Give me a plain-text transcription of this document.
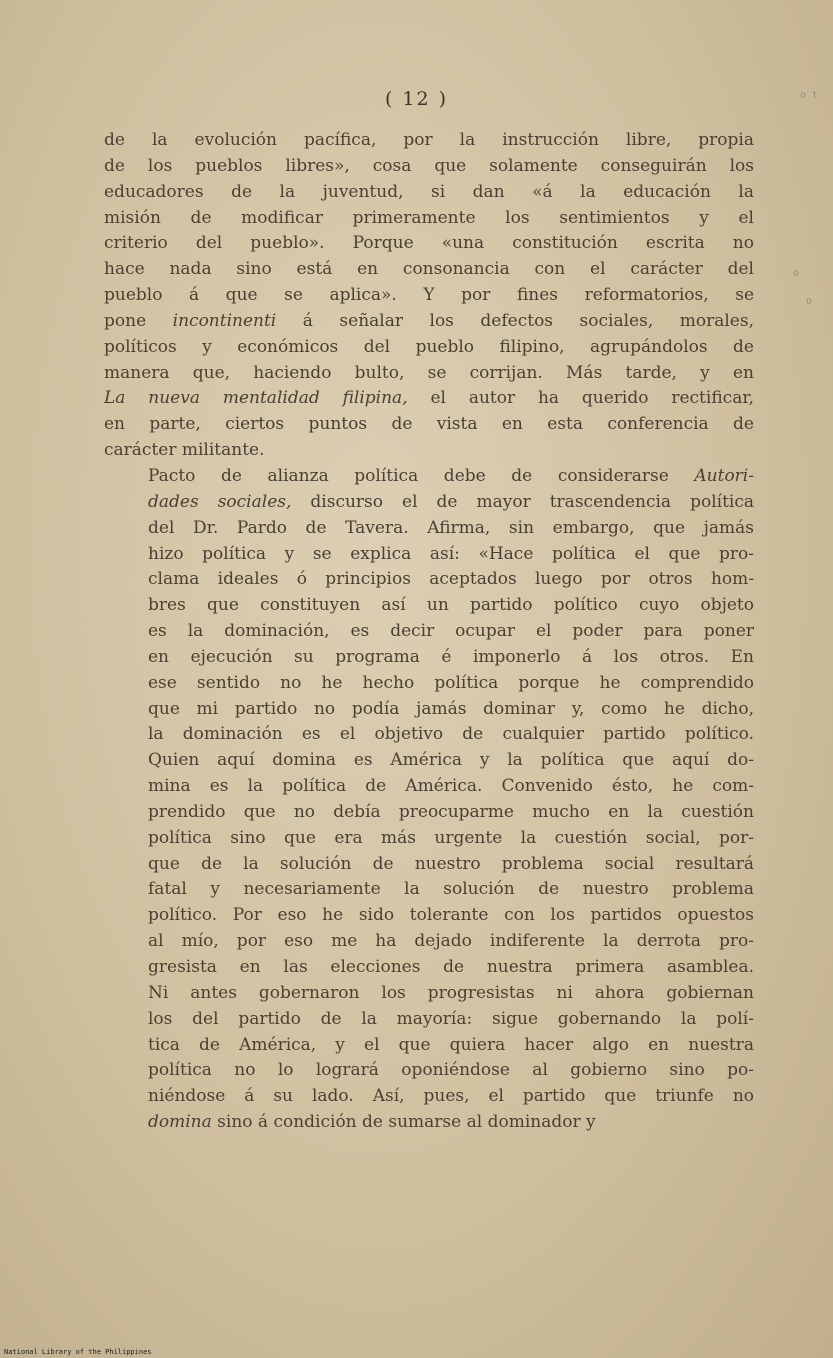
( 12 )	o t
o
o

de la evolución pacífica, por la instrucción libre, propia
de los pueblos libres», cosa que solamente conseguirán los
educadores de la juventud, si dan «á la educación la
misión de modificar primeramente los sentimientos y el
criterio del pueblo». Porque «una constitución escrita no
hace nada sino está en consonancia con el carácter del
pueblo á que se aplica». Y por fines reformatorios, se
pone incontinenti á señalar los defectos sociales, morales,
políticos y económicos del pueblo filipino, agrupándolos de
manera que, haciendo bulto, se corrijan. Más tarde, y en
La nueva mentalidad filipina, el autor ha querido rectificar,
en parte, ciertos puntos de vista en esta conferencia de
carácter militante.

Pacto de alianza política debe de considerarse Autori-
dades sociales, discurso el de mayor trascendencia política
del Dr. Pardo de Tavera. Afirma, sin embargo, que jamás
hizo política y se explica así: «Hace política el que pro-
clama ideales ó principios aceptados luego por otros hom-
bres que constituyen así un partido político cuyo objeto
es la dominación, es decir ocupar el poder para poner
en ejecución su programa é imponerlo á los otros. En
ese sentido no he hecho política porque he comprendido
que mi partido no podía jamás dominar y, como he dicho,
la dominación es el objetivo de cualquier partido político.
Quien aquí domina es América y la política que aquí do-
mina es la política de América. Convenido ésto, he com-
prendido que no debía preocuparme mucho en la cuestión
política sino que era más urgente la cuestión social, por-
que de la solución de nuestro problema social resultará
fatal y necesariamente la solución de nuestro problema
político. Por eso he sido tolerante con los partidos opuestos
al mío, por eso me ha dejado indiferente la derrota pro-
gresista en las elecciones de nuestra primera asamblea.
Ni antes gobernaron los progresistas ni ahora gobiernan
los del partido de la mayoría: sigue gobernando la polí-
tica de América, y el que quiera hacer algo en nuestra
política no lo logrará oponiéndose al gobierno sino po-
niéndose á su lado. Así, pues, el partido que triunfe no
domina sino á condición de sumarse al dominador y

National Library of the Philippines
